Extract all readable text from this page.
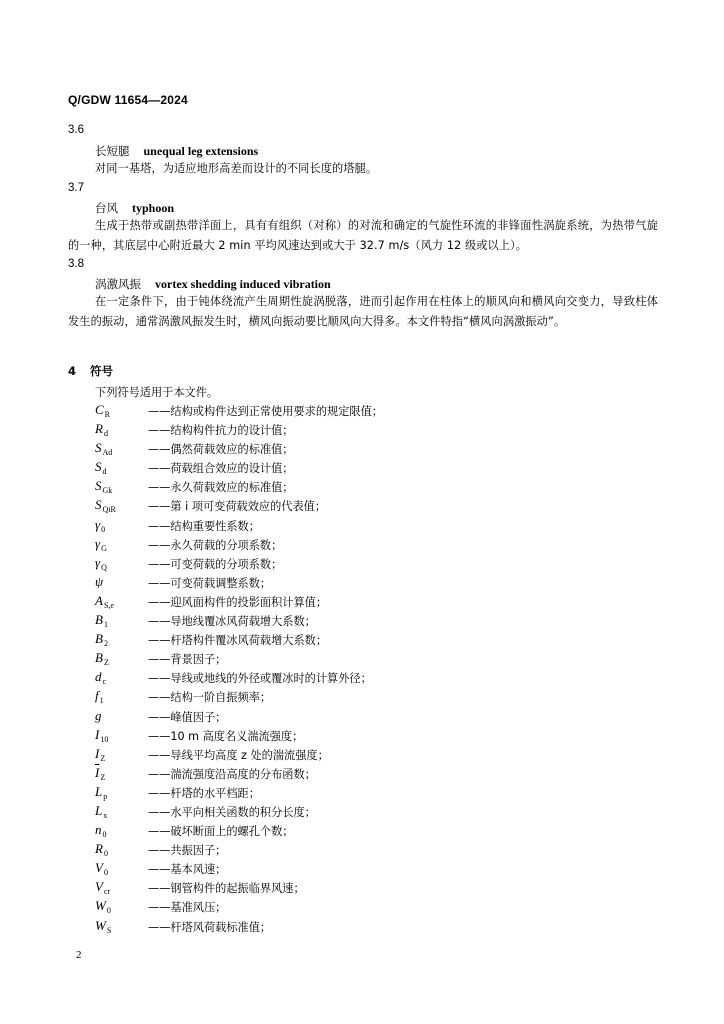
Q/GDW 11654—2024
3.6
长短腿 unequal leg extensions
对同一基塔，为适应地形高差而设计的不同长度的塔腿。
3.7
台风 typhoon
生成于热带或副热带洋面上，具有有组织（对称）的对流和确定的气旋性环流的非锋面性涡旋系统，为热带气旋的一种，其底层中心附近最大 2 min 平均风速达到或大于 32.7 m/s（风力 12 级或以上）。
3.8
涡激风振 vortex shedding induced vibration
在一定条件下，由于钝体绕流产生周期性旋涡脱落，进而引起作用在柱体上的顺风向和横风向交变力，导致柱体发生的振动，通常涡激风振发生时，横风向振动要比顺风向大得多。本文件特指“横风向涡激振动”。
4 符号
下列符号适用于本文件。
$C_R$	——结构或构件达到正常使用要求的规定限值；
$R_d$	——结构构件抗力的设计值；
$S_{Ad}$	——偶然荷载效应的标准值；
$S_d$	——荷载组合效应的设计值；
$S_{Gk}$	——永久荷载效应的标准值；
$S_{QiR}$	——第 i 项可变荷载效应的代表值；
$\gamma_0$	——结构重要性系数；
$\gamma_G$	——永久荷载的分项系数；
$\gamma_Q$	——可变荷载的分项系数；
ψ	——可变荷载调整系数；
$A_{S,e}$	——迎风面构件的投影面积计算值；
$B_1$	——导地线覆冰风荷载增大系数；
$B_2$	——杆塔构件覆冰风荷载增大系数；
$B_Z$	——背景因子；
$d_c$	——导线或地线的外径或覆冰时的计算外径；
$f_1$	——结构一阶自振频率；
g	——峰值因子；
$I_{10}$	——10 m 高度名义湍流强度；
$I_Z$	——导线平均高度 z 处的湍流强度；
$\overline{I}_Z$	——湍流强度沿高度的分布函数；
$L_p$	——杆塔的水平档距；
$L_x$	——水平向相关函数的积分长度；
$n_0$	——破坏断面上的螺孔个数；
$R_0$	——共振因子；
$V_0$	——基本风速；
$V_{cr}$	——钢管构件的起振临界风速；
$W_0$	——基准风压；
$W_S$	——杆塔风荷载标准值；
2
